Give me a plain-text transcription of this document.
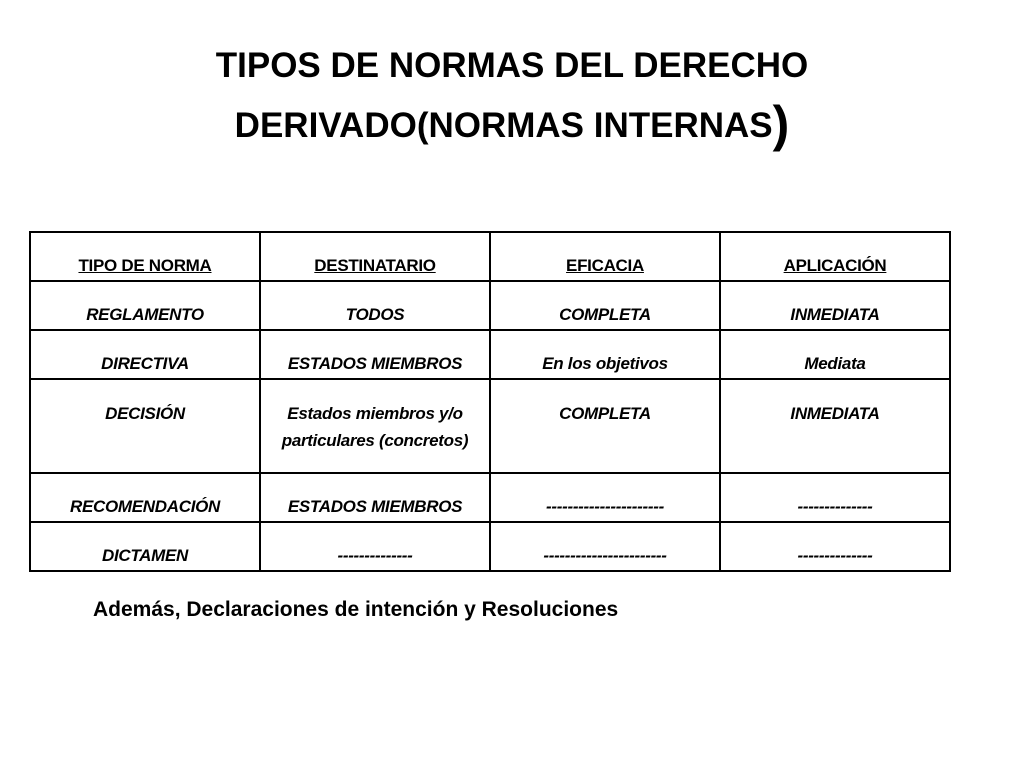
TIPOS DE NORMAS DEL DERECHO
DERIVADO(NORMAS INTERNAS)
TIPO DE NORMA	DESTINATARIO	EFICACIA	APLICACIÓN
REGLAMENTO	TODOS	COMPLETA	INMEDIATA
DIRECTIVA	ESTADOS MIEMBROS	En los objetivos	Mediata
DECISIÓN	Estados miembros y/o particulares (concretos)	COMPLETA	INMEDIATA
RECOMENDACIÓN	ESTADOS MIEMBROS	----------------------	--------------
DICTAMEN	--------------	-----------------------	--------------

Además, Declaraciones de intención y Resoluciones
